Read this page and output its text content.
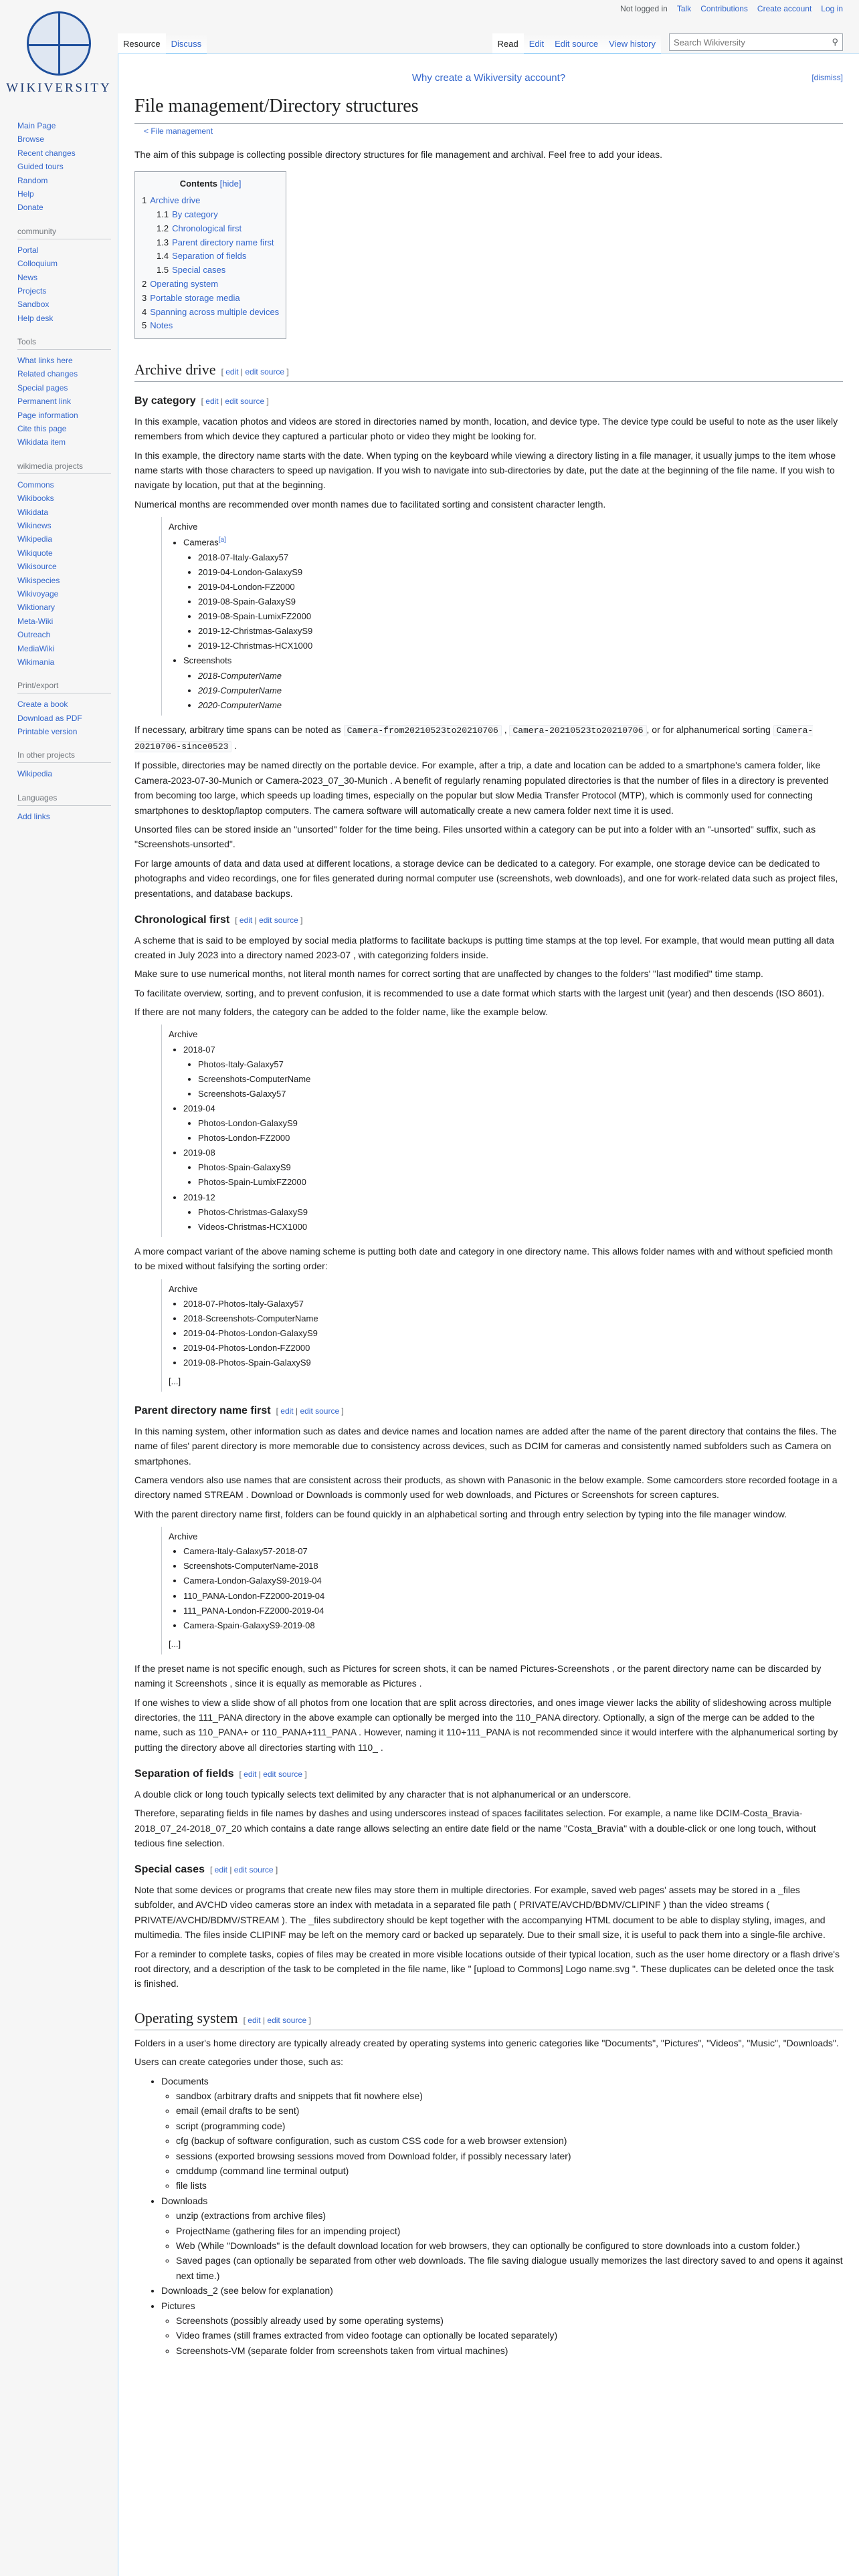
WIKIVERSITY
Not logged in Talk Contributions Create account Log in
Resource	Discuss	Read	Edit	Edit source	View history
Search Wikiversity	⚲
Main Page
Browse
Recent changes
Guided tours
Random
Help
Donate
community
Portal
Colloquium
News
Projects
Sandbox
Help desk
Tools
What links here
Related changes
Special pages
Permanent link
Page information
Cite this page
Wikidata item
wikimedia projects
Commons
Wikibooks
Wikidata
Wikinews
Wikipedia
Wikiquote
Wikisource
Wikispecies
Wikivoyage
Wiktionary
Meta-Wiki
Outreach
MediaWiki
Wikimania
Print/export
Create a book
Download as PDF
Printable version
In other projects
Wikipedia
Languages
Add links
Why create a Wikiversity account?	[dismiss]
File management/Directory structures
< File management

The aim of this subpage is collecting possible directory structures for file management and archival. Feel free to add your ideas.

Contents [hide]
1 Archive drive
1.1 By category
1.2 Chronological first
1.3 Parent directory name first
1.4 Separation of fields
1.5 Special cases
2 Operating system
3 Portable storage media
4 Spanning across multiple devices
5 Notes
Archive drive [ edit | edit source ]
By category [ edit | edit source ]

In this example, vacation photos and videos are stored in directories named by month, location, and device type. The device type could be useful to note as the user likely remembers from which device they captured a particular photo or video they might be looking for.

In this example, the directory name starts with the date. When typing on the keyboard while viewing a directory listing in a file manager, it usually jumps to the item whose name starts with those characters to speed up navigation. If you wish to navigate into sub-directories by date, put the date at the beginning of the file name. If you wish to navigate by location, put that at the beginning.

Numerical months are recommended over month names due to facilitated sorting and consistent character length.

Archive
• Cameras[a]
• 2018-07-Italy-Galaxy57
• 2019-04-London-GalaxyS9
• 2019-04-London-FZ2000
• 2019-08-Spain-GalaxyS9
• 2019-08-Spain-LumixFZ2000
• 2019-12-Christmas-GalaxyS9
• 2019-12-Christmas-HCX1000
• Screenshots
• 2018-ComputerName
• 2019-ComputerName
• 2020-ComputerName

If necessary, arbitrary time spans can be noted as Camera-from20210523to20210706 , Camera-20210523to20210706 , or for alphanumerical sorting Camera-20210706-since0523 .

If possible, directories may be named directly on the portable device. For example, after a trip, a date and location can be added to a smartphone's camera folder, like Camera-2023-07-30-Munich or Camera-2023_07_30-Munich . A benefit of regularly renaming populated directories is that the number of files in a directory is prevented from becoming too large, which speeds up loading times, especially on the popular but slow Media Transfer Protocol (MTP), which is commonly used for connecting smartphones to desktop/laptop computers. The camera software will automatically create a new camera folder next time it is used.

Unsorted files can be stored inside an "unsorted" folder for the time being. Files unsorted within a category can be put into a folder with an "-unsorted" suffix, such as "Screenshots-unsorted".

For large amounts of data and data used at different locations, a storage device can be dedicated to a category. For example, one storage device can be dedicated to photographs and video recordings, one for files generated during normal computer use (screenshots, web downloads), and one for work-related data such as project files, presentations, and database backups.

Chronological first [ edit | edit source ]

A scheme that is said to be employed by social media platforms to facilitate backups is putting time stamps at the top level. For example, that would mean putting all data created in July 2023 into a directory named 2023-07 , with categorizing folders inside.

Make sure to use numerical months, not literal month names for correct sorting that are unaffected by changes to the folders' "last modified" time stamp.

To facilitate overview, sorting, and to prevent confusion, it is recommended to use a date format which starts with the largest unit (year) and then descends (ISO 8601).

If there are not many folders, the category can be added to the folder name, like the example below.

Archive
• 2018-07
• Photos-Italy-Galaxy57
• Screenshots-ComputerName
• Screenshots-Galaxy57
• 2019-04
• Photos-London-GalaxyS9
• Photos-London-FZ2000
• 2019-08
• Photos-Spain-GalaxyS9
• Photos-Spain-LumixFZ2000
• 2019-12
• Photos-Christmas-GalaxyS9
• Videos-Christmas-HCX1000

A more compact variant of the above naming scheme is putting both date and category in one directory name. This allows folder names with and without speficied month to be mixed without falsifying the sorting order:

Archive
• 2018-07-Photos-Italy-Galaxy57
• 2018-Screenshots-ComputerName
• 2019-04-Photos-London-GalaxyS9
• 2019-04-Photos-London-FZ2000
• 2019-08-Photos-Spain-GalaxyS9
[...]
Parent directory name first [ edit | edit source ]

In this naming system, other information such as dates and device names and location names are added after the name of the parent directory that contains the files. The name of files' parent directory is more memorable due to consistency across devices, such as DCIM for cameras and consistently named subfolders such as Camera on smartphones.

Camera vendors also use names that are consistent across their products, as shown with Panasonic in the below example. Some camcorders store recorded footage in a directory named STREAM . Download or Downloads is commonly used for web downloads, and Pictures or Screenshots for screen captures.

With the parent directory name first, folders can be found quickly in an alphabetical sorting and through entry selection by typing into the file manager window.

Archive
• Camera-Italy-Galaxy57-2018-07
• Screenshots-ComputerName-2018
• Camera-London-GalaxyS9-2019-04
• 110_PANA-London-FZ2000-2019-04
• 111_PANA-London-FZ2000-2019-04
• Camera-Spain-GalaxyS9-2019-08
[...]

If the preset name is not specific enough, such as Pictures for screen shots, it can be named Pictures-Screenshots , or the parent directory name can be discarded by naming it Screenshots , since it is equally as memorable as Pictures .

If one wishes to view a slide show of all photos from one location that are split across directories, and ones image viewer lacks the ability of slideshowing across multiple directories, the 111_PANA directory in the above example can optionally be merged into the 110_PANA directory. Optionally, a sign of the merge can be added to the name, such as 110_PANA+ or 110_PANA+111_PANA . However, naming it 110+111_PANA is not recommended since it would interfere with the alphanumerical sorting by putting the directory above all directories starting with 110_ .

Separation of fields [ edit | edit source ]

A double click or long touch typically selects text delimited by any character that is not alphanumerical or an underscore.

Therefore, separating fields in file names by dashes and using underscores instead of spaces facilitates selection. For example, a name like DCIM-Costa_Bravia-2018_07_24-2018_07_20 which contains a date range allows selecting an entire date field or the name "Costa_Bravia" with a double-click or one long touch, without tedious fine selection.

Special cases [ edit | edit source ]

Note that some devices or programs that create new files may store them in multiple directories. For example, saved web pages' assets may be stored in a _files subfolder, and AVCHD video cameras store an index with metadata in a separated file path ( PRIVATE/AVCHD/BDMV/CLIPINF ) than the video streams ( PRIVATE/AVCHD/BDMV/STREAM ). The _files subdirectory should be kept together with the accompanying HTML document to be able to display styling, images, and multimedia. The files inside CLIPINF may be left on the memory card or backed up separately. Due to their small size, it is useful to pack them into a single-file archive.

For a reminder to complete tasks, copies of files may be created in more visible locations outside of their typical location, such as the user home directory or a flash drive's root directory, and a description of the task to be completed in the file name, like " [upload to Commons] Logo name.svg ". These duplicates can be deleted once the task is finished.

Operating system [ edit | edit source ]

Folders in a user's home directory are typically already created by operating systems into generic categories like "Documents", "Pictures", "Videos", "Music", "Downloads".

Users can create categories under those, such as:

• Documents
◦ sandbox (arbitrary drafts and snippets that fit nowhere else)
◦ email (email drafts to be sent)
◦ script (programming code)
◦ cfg (backup of software configuration, such as custom CSS code for a web browser extension)
◦ sessions (exported browsing sessions moved from Download folder, if possibly necessary later)
◦ cmddump (command line terminal output)
◦ file lists
• Downloads
◦ unzip (extractions from archive files)
◦ ProjectName (gathering files for an impending project)
◦ Web (While "Downloads" is the default download location for web browsers, they can optionally be configured to store downloads into a custom folder.)
◦ Saved pages (can optionally be separated from other web downloads. The file saving dialogue usually memorizes the last directory saved to and opens it against next time.)
• Downloads_2 (see below for explanation)
• Pictures
◦ Screenshots (possibly already used by some operating systems)
◦ Video frames (still frames extracted from video footage can optionally be located separately)
◦ Screenshots-VM (separate folder from screenshots taken from virtual machines)
